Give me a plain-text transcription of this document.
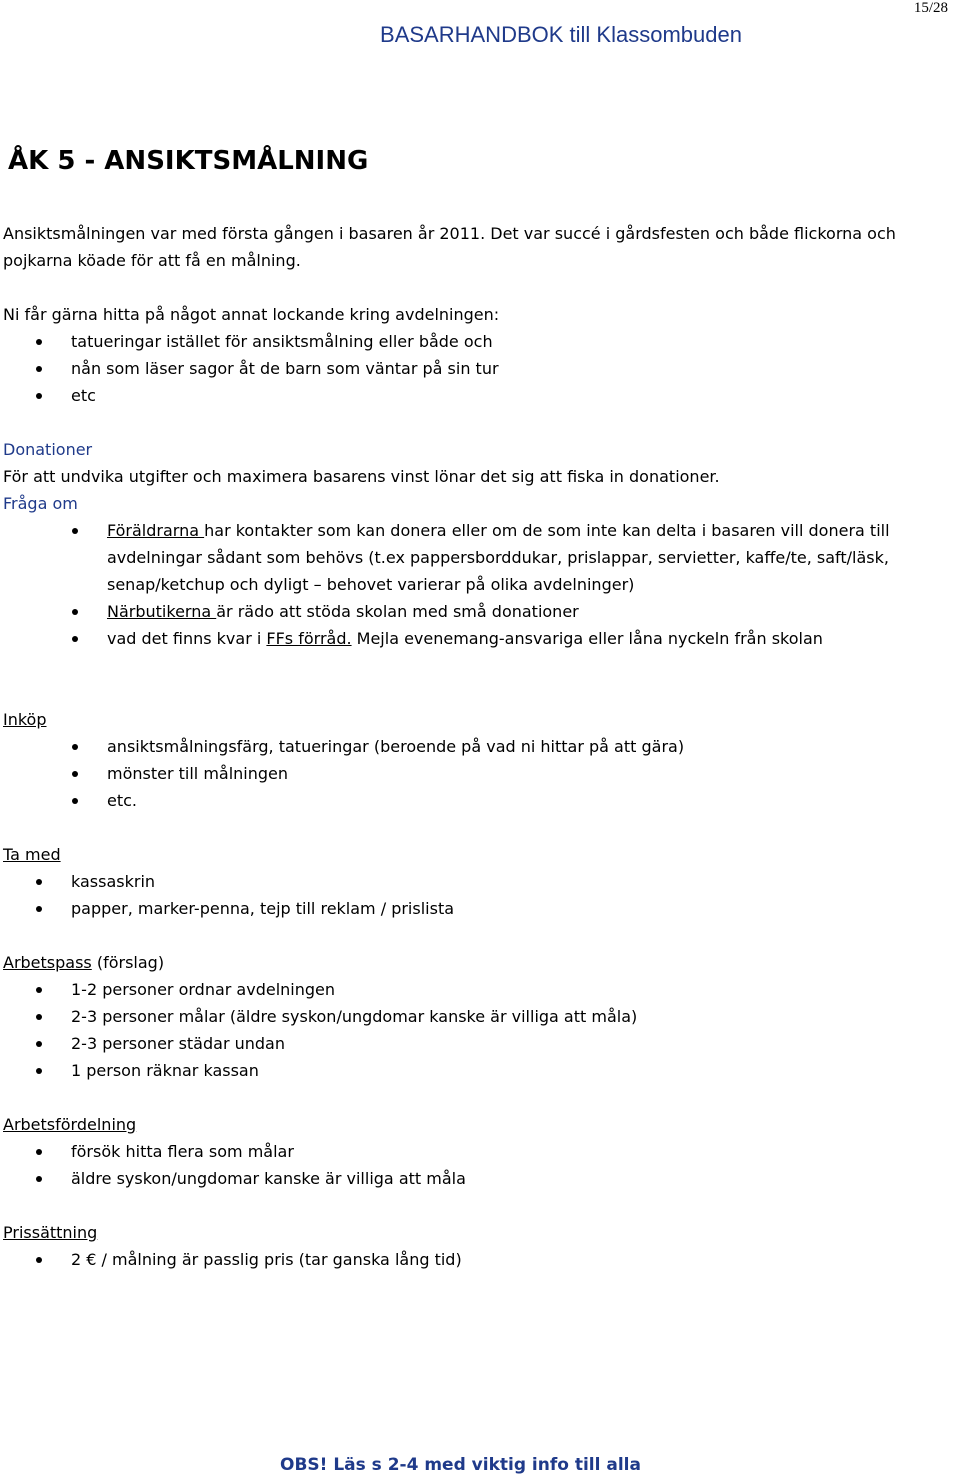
15/28
BASARHANDBOK till Klassombuden
ÅK 5 - ANSIKTSMÅLNING

Ansiktsmålningen var med första gången i basaren år 2011. Det var succé i gårdsfesten och både flickorna och pojkarna köade för att få en målning.

Ni får gärna hitta på något annat lockande kring avdelningen:

tatueringar istället för ansiktsmålning eller både och
nån som läser sagor åt de barn som väntar på sin tur
etc

Donationer

För att undvika utgifter och maximera basarens vinst lönar det sig att fiska in donationer.

Fråga om

Föräldrarna har kontakter som kan donera eller om de som inte kan delta i basaren vill donera till avdelningar sådant som behövs (t.ex pappersborddukar, prislappar, servietter, kaffe/te, saft/läsk, senap/ketchup och dyligt – behovet varierar på olika avdelninger)
Närbutikerna är rädo att stöda skolan med små donationer
vad det finns kvar i FFs förråd. Mejla evenemang-ansvariga eller låna nyckeln från skolan

Inköp

ansiktsmålningsfärg, tatueringar (beroende på vad ni hittar på att gära)
mönster till målningen
etc.

Ta med

kassaskrin
papper, marker-penna, tejp till reklam / prislista

Arbetspass (förslag)

1-2 personer ordnar avdelningen
2-3 personer målar (äldre syskon/ungdomar kanske är villiga att måla)
2-3 personer städar undan
1 person räknar kassan

Arbetsfördelning

försök hitta flera som målar
äldre syskon/ungdomar kanske är villiga att måla

Prissättning

2 € / målning är passlig pris (tar ganska lång tid)
OBS! Läs s 2-4 med viktig info till alla
